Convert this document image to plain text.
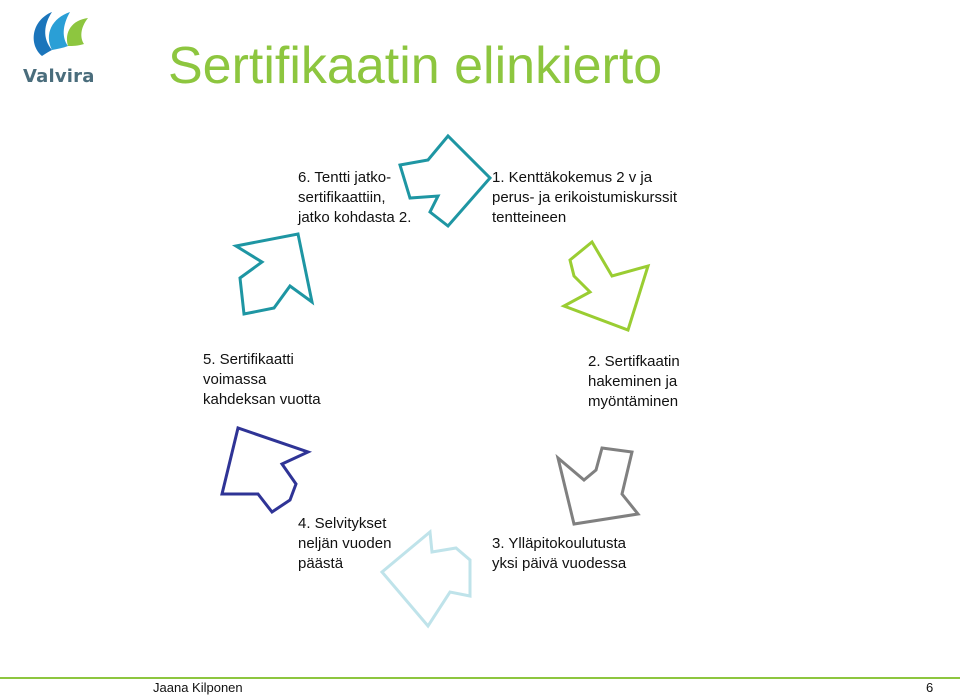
Valvira Sertifikaatin elinkierto
1. Kenttäkokemus 2 v ja
perus- ja erikoistumiskurssit
tentteineen
2. Sertifkaatin
hakeminen ja
myöntäminen
3. Ylläpitokoulutusta
yksi päivä vuodessa
4. Selvitykset
neljän vuoden
päästä
5. Sertifikaatti
voimassa
kahdeksan vuotta
6. Tentti jatko-
sertifikaattiin,
jatko kohdasta 2.
Jaana Kilponen	6
